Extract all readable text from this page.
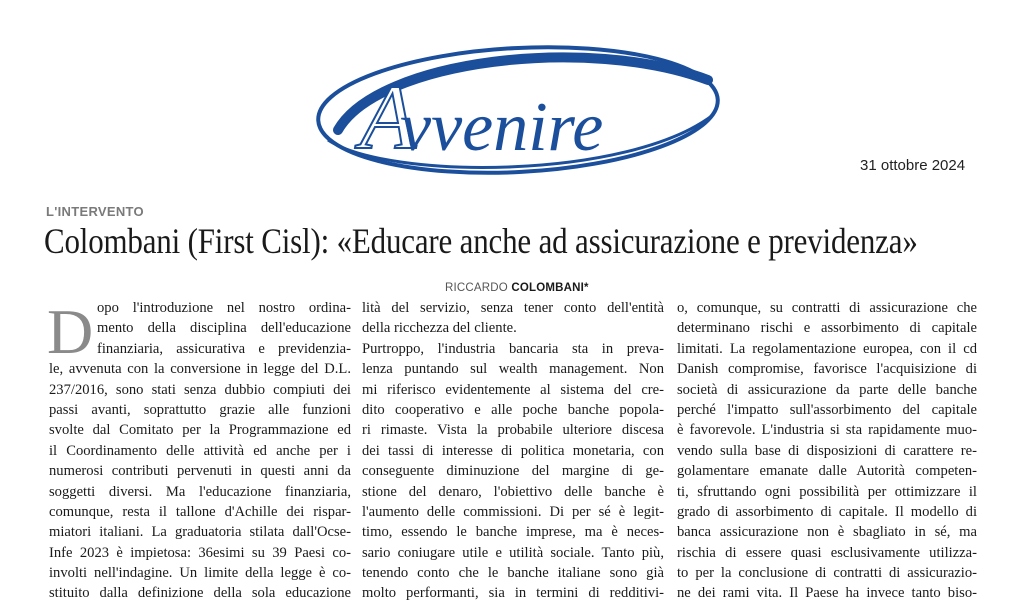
A
vvenire	31 ottobre 2024
L'INTERVENTO
Colombani (First Cisl): «Educare anche ad assicurazione e previdenza»
RICCARDO COLOMBANI*
D opo l'introduzione nel nostro ordina-
mento della disciplina dell'educazione
finanziaria, assicurativa e previdenzia-
le, avvenuta con la conversione in legge del D.L.
237/2016, sono stati senza dubbio compiuti dei
passi avanti, soprattutto grazie alle funzioni
svolte dal Comitato per la Programmazione ed
il Coordinamento delle attività ed anche per i
numerosi contributi pervenuti in questi anni da
soggetti diversi. Ma l'educazione finanziaria,
comunque, resta il tallone d'Achille dei rispar-
miatori italiani. La graduatoria stilata dall'Ocse-
Infe 2023 è impietosa: 36esimi su 39 Paesi co-
involti nell'indagine. Un limite della legge è co-
stituito dalla definizione della sola educazione
lità del servizio, senza tener conto dell'entità
della ricchezza del cliente.
Purtroppo, l'industria bancaria sta in preva-
lenza puntando sul wealth management. Non
mi riferisco evidentemente al sistema del cre-
dito cooperativo e alle poche banche popola-
ri rimaste. Vista la probabile ulteriore discesa
dei tassi di interesse di politica monetaria, con
conseguente diminuzione del margine di ge-
stione del denaro, l'obiettivo delle banche è
l'aumento delle commissioni. Di per sé è legit-
timo, essendo le banche imprese, ma è neces-
sario coniugare utile e utilità sociale. Tanto più,
tenendo conto che le banche italiane sono già
molto performanti, sia in termini di redditivi-
o, comunque, su contratti di assicurazione che
determinano rischi e assorbimento di capitale
limitati. La regolamentazione europea, con il cd
Danish compromise, favorisce l'acquisizione di
società di assicurazione da parte delle banche
perché l'impatto sull'assorbimento del capitale
è favorevole. L'industria si sta rapidamente muo-
vendo sulla base di disposizioni di carattere re-
golamentare emanate dalle Autorità competen-
ti, sfruttando ogni possibilità per ottimizzare il
grado di assorbimento di capitale. Il modello di
banca assicurazione non è sbagliato in sé, ma
rischia di essere quasi esclusivamente utilizza-
to per la conclusione di contratti di assicurazio-
ne dei rami vita. Il Paese ha invece tanto biso-
